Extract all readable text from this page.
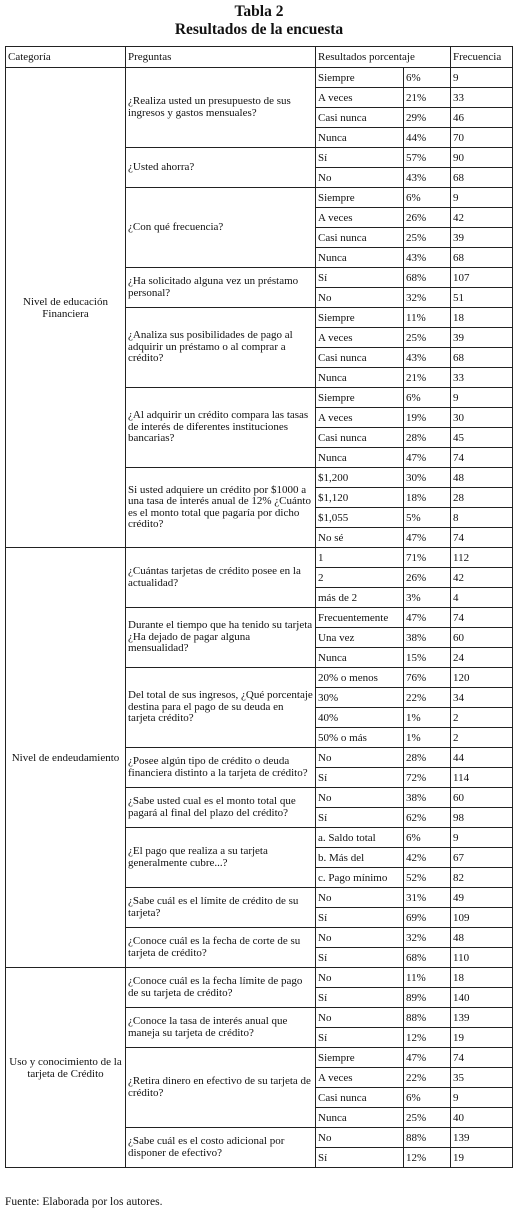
Tabla 2
Resultados de la encuesta
Categoría	Preguntas	Resultados porcentaje		Frecuencia
Nivel de educación Financiera	¿Realiza usted un presupuesto de sus ingresos y gastos mensuales?	Siempre	6%	9
		A veces	21%	33
		Casi nunca	29%	46
		Nunca	44%	70
	¿Usted ahorra?	Sí	57%	90
		No	43%	68
	¿Con qué frecuencia?	Siempre	6%	9
		A veces	26%	42
		Casi nunca	25%	39
		Nunca	43%	68
	¿Ha solicitado alguna vez un préstamo personal?	Sí	68%	107
		No	32%	51
	¿Analiza sus posibilidades de pago al adquirir un préstamo o al comprar a crédito?	Siempre	11%	18
		A veces	25%	39
		Casi nunca	43%	68
		Nunca	21%	33
	¿Al adquirir un crédito compara las tasas de interés de diferentes instituciones bancarias?	Siempre	6%	9
		A veces	19%	30
		Casi nunca	28%	45
		Nunca	47%	74
	Si usted adquiere un crédito por $1000 a una tasa de interés anual de 12% ¿Cuánto es el monto total que pagaría por dicho crédito?	$1,200	30%	48
		$1,120	18%	28
		$1,055	5%	8
		No sé	47%	74
Nivel de endeudamiento	¿Cuántas tarjetas de crédito posee en la actualidad?	1	71%	112
		2	26%	42
		más de 2	3%	4
	Durante el tiempo que ha tenido su tarjeta ¿Ha dejado de pagar alguna mensualidad?	Frecuentemente	47%	74
		Una vez	38%	60
		Nunca	15%	24
	Del total de sus ingresos, ¿Qué porcentaje destina para el pago de su deuda en tarjeta crédito?	20% o menos	76%	120
		30%	22%	34
		40%	1%	2
		50% o más	1%	2
	¿Posee algún tipo de crédito o deuda financiera distinto a la tarjeta de crédito?	No	28%	44
		Sí	72%	114
	¿Sabe usted cual es el monto total que pagará al final del plazo del crédito?	No	38%	60
		Sí	62%	98
	¿El pago que realiza a su tarjeta generalmente cubre...?	a. Saldo total	6%	9
		b. Más del	42%	67
		c. Pago mínimo	52%	82
	¿Sabe cuál es el límite de crédito de su tarjeta?	No	31%	49
		Sí	69%	109
	¿Conoce cuál es la fecha de corte de su tarjeta de crédito?	No	32%	48
		Sí	68%	110
Uso y conocimiento de la tarjeta de Crédito	¿Conoce cuál es la fecha límite de pago de su tarjeta de crédito?	No	11%	18
		Sí	89%	140
	¿Conoce la tasa de interés anual que maneja su tarjeta de crédito?	No	88%	139
		Sí	12%	19
	¿Retira dinero en efectivo de su tarjeta de crédito?	Siempre	47%	74
		A veces	22%	35
		Casi nunca	6%	9
		Nunca	25%	40
	¿Sabe cuál es el costo adicional por disponer de efectivo?	No	88%	139
		Sí	12%	19
Fuente: Elaborada por los autores.
